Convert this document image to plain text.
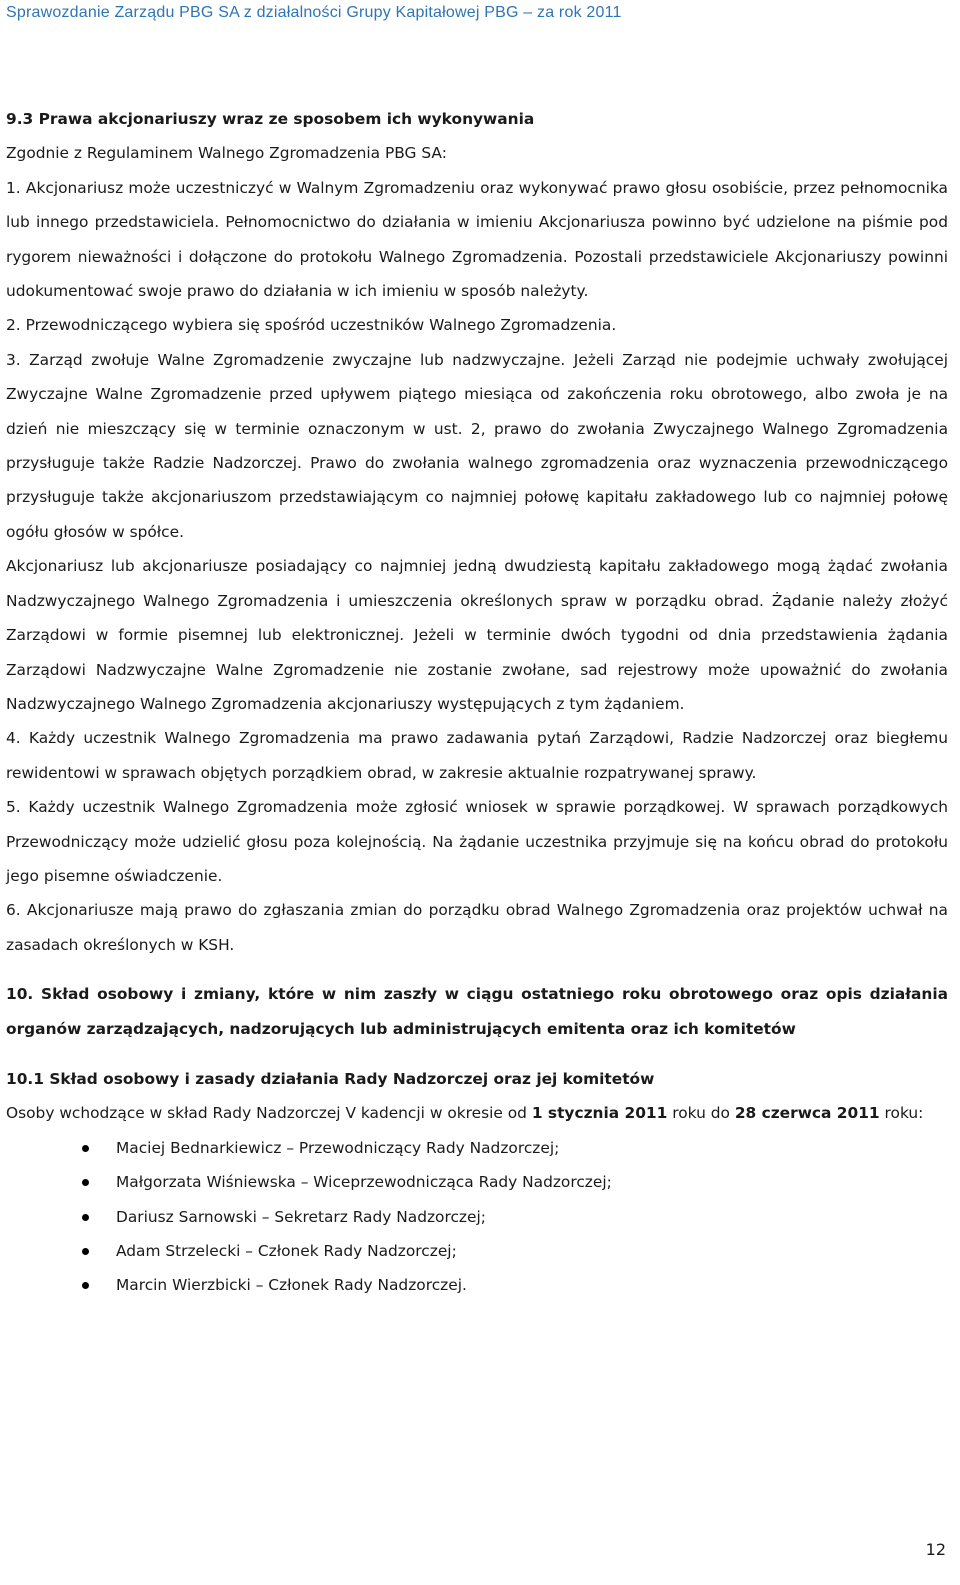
Sprawozdanie Zarządu PBG SA z działalności Grupy Kapitałowej PBG – za rok 2011
9.3 Prawa akcjonariuszy wraz ze sposobem ich wykonywania

Zgodnie z Regulaminem Walnego Zgromadzenia PBG SA:

1. Akcjonariusz może uczestniczyć w Walnym Zgromadzeniu oraz wykonywać prawo głosu osobiście, przez pełnomocnika lub innego przedstawiciela. Pełnomocnictwo do działania w imieniu Akcjonariusza powinno być udzielone na piśmie pod rygorem nieważności i dołączone do protokołu Walnego Zgromadzenia. Pozostali przedstawiciele Akcjonariuszy powinni udokumentować swoje prawo do działania w ich imieniu w sposób należyty.

2. Przewodniczącego wybiera się spośród uczestników Walnego Zgromadzenia.

3. Zarząd zwołuje Walne Zgromadzenie zwyczajne lub nadzwyczajne. Jeżeli Zarząd nie podejmie uchwały zwołującej Zwyczajne Walne Zgromadzenie przed upływem piątego miesiąca od zakończenia roku obrotowego, albo zwoła je na dzień nie mieszczący się w terminie oznaczonym w ust. 2, prawo do zwołania Zwyczajnego Walnego Zgromadzenia przysługuje także Radzie Nadzorczej. Prawo do zwołania walnego zgromadzenia oraz wyznaczenia przewodniczącego przysługuje także akcjonariuszom przedstawiającym co najmniej połowę kapitału zakładowego lub co najmniej połowę ogółu głosów w spółce.

Akcjonariusz lub akcjonariusze posiadający co najmniej jedną dwudziestą kapitału zakładowego mogą żądać zwołania Nadzwyczajnego Walnego Zgromadzenia i umieszczenia określonych spraw w porządku obrad. Żądanie należy złożyć Zarządowi w formie pisemnej lub elektronicznej. Jeżeli w terminie dwóch tygodni od dnia przedstawienia żądania Zarządowi Nadzwyczajne Walne Zgromadzenie nie zostanie zwołane, sad rejestrowy może upoważnić do zwołania Nadzwyczajnego Walnego Zgromadzenia akcjonariuszy występujących z tym żądaniem.

4. Każdy uczestnik Walnego Zgromadzenia ma prawo zadawania pytań Zarządowi, Radzie Nadzorczej oraz biegłemu rewidentowi w sprawach objętych porządkiem obrad, w zakresie aktualnie rozpatrywanej sprawy.

5. Każdy uczestnik Walnego Zgromadzenia może zgłosić wniosek w sprawie porządkowej. W sprawach porządkowych Przewodniczący może udzielić głosu poza kolejnością. Na żądanie uczestnika przyjmuje się na końcu obrad do protokołu jego pisemne oświadczenie.

6. Akcjonariusze mają prawo do zgłaszania zmian do porządku obrad Walnego Zgromadzenia oraz projektów uchwał na zasadach określonych w KSH.

10. Skład osobowy i zmiany, które w nim zaszły w ciągu ostatniego roku obrotowego oraz opis działania organów zarządzających, nadzorujących lub administrujących emitenta oraz ich komitetów
10.1 Skład osobowy i zasady działania Rady Nadzorczej oraz jej komitetów

Osoby wchodzące w skład Rady Nadzorczej V kadencji w okresie od 1 stycznia 2011 roku do 28 czerwca 2011 roku:

Maciej Bednarkiewicz – Przewodniczący Rady Nadzorczej;
Małgorzata Wiśniewska – Wiceprzewodnicząca Rady Nadzorczej;
Dariusz Sarnowski – Sekretarz Rady Nadzorczej;
Adam Strzelecki – Członek Rady Nadzorczej;
Marcin Wierzbicki – Członek Rady Nadzorczej.
12
